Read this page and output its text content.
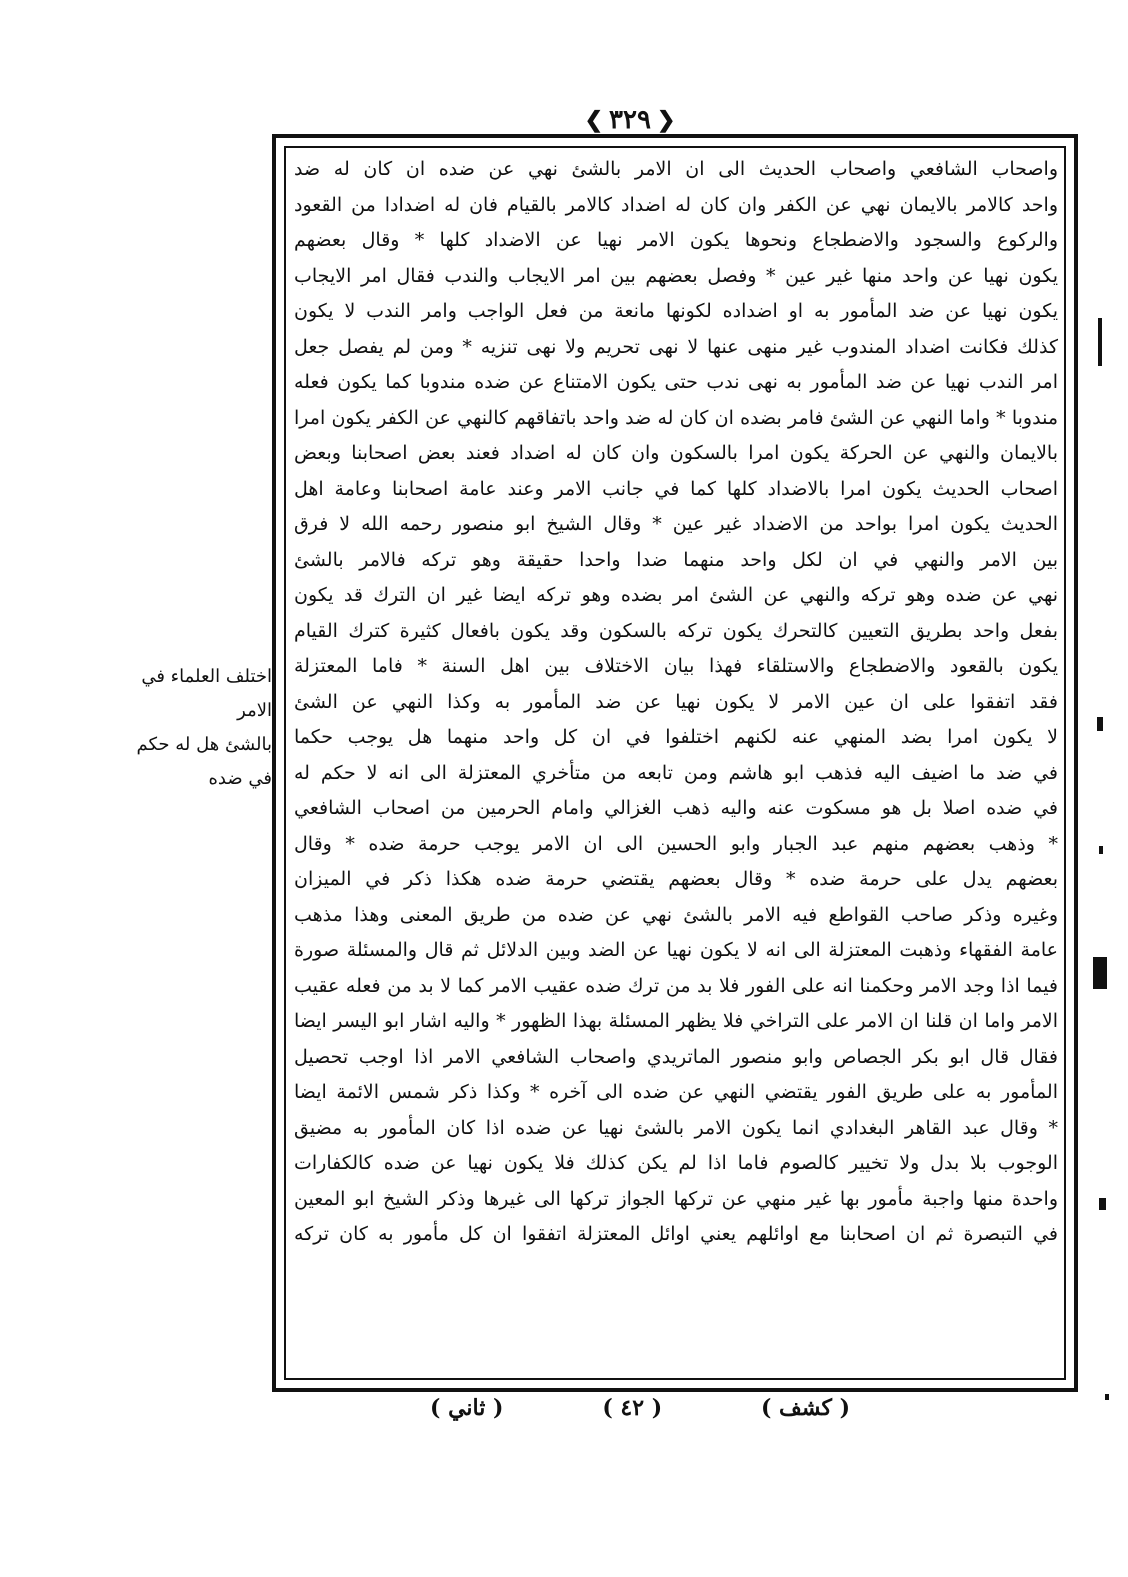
❮ ٣٢٩ ❯
واصحاب الشافعي واصحاب الحديث الى ان الامر بالشئ نهي عن ضده ان كان له ضد
واحد كالامر بالايمان نهي عن الكفر وان كان له اضداد كالامر بالقيام فان له اضدادا من القعود
والركوع والسجود والاضطجاع ونحوها يكون الامر نهيا عن الاضداد كلها * وقال بعضهم
يكون نهيا عن واحد منها غير عين * وفصل بعضهم بين امر الايجاب والندب فقال امر الايجاب
يكون نهيا عن ضد المأمور به او اضداده لكونها مانعة من فعل الواجب وامر الندب لا يكون
كذلك فكانت اضداد المندوب غير منهى عنها لا نهى تحريم ولا نهى تنزيه * ومن لم يفصل جعل
امر الندب نهيا عن ضد المأمور به نهى ندب حتى يكون الامتناع عن ضده مندوبا كما يكون فعله
مندوبا * واما النهي عن الشئ فامر بضده ان كان له ضد واحد باتفاقهم كالنهي عن الكفر يكون امرا
بالايمان والنهي عن الحركة يكون امرا بالسكون وان كان له اضداد فعند بعض اصحابنا وبعض
اصحاب الحديث يكون امرا بالاضداد كلها كما في جانب الامر وعند عامة اصحابنا وعامة اهل
الحديث يكون امرا بواحد من الاضداد غير عين * وقال الشيخ ابو منصور رحمه الله لا فرق
بين الامر والنهي في ان لكل واحد منهما ضدا واحدا حقيقة وهو تركه فالامر بالشئ
نهي عن ضده وهو تركه والنهي عن الشئ امر بضده وهو تركه ايضا غير ان الترك قد يكون
بفعل واحد بطريق التعيين كالتحرك يكون تركه بالسكون وقد يكون بافعال كثيرة كترك القيام
يكون بالقعود والاضطجاع والاستلقاء فهذا بيان الاختلاف بين اهل السنة * فاما المعتزلة
فقد اتفقوا على ان عين الامر لا يكون نهيا عن ضد المأمور به وكذا النهي عن الشئ
لا يكون امرا بضد المنهي عنه لكنهم اختلفوا في ان كل واحد منهما هل يوجب حكما
في ضد ما اضيف اليه فذهب ابو هاشم ومن تابعه من متأخري المعتزلة الى انه لا حكم له
في ضده اصلا بل هو مسكوت عنه واليه ذهب الغزالي وامام الحرمين من اصحاب الشافعي
* وذهب بعضهم منهم عبد الجبار وابو الحسين الى ان الامر يوجب حرمة ضده * وقال
بعضهم يدل على حرمة ضده * وقال بعضهم يقتضي حرمة ضده هكذا ذكر في الميزان
وغيره وذكر صاحب القواطع فيه الامر بالشئ نهي عن ضده من طريق المعنى وهذا مذهب
عامة الفقهاء وذهبت المعتزلة الى انه لا يكون نهيا عن الضد وبين الدلائل ثم قال والمسئلة صورة
فيما اذا وجد الامر وحكمنا انه على الفور فلا بد من ترك ضده عقيب الامر كما لا بد من فعله عقيب
الامر واما ان قلنا ان الامر على التراخي فلا يظهر المسئلة بهذا الظهور * واليه اشار ابو اليسر ايضا
فقال قال ابو بكر الجصاص وابو منصور الماتريدي واصحاب الشافعي الامر اذا اوجب تحصيل
المأمور به على طريق الفور يقتضي النهي عن ضده الى آخره * وكذا ذكر شمس الائمة ايضا
* وقال عبد القاهر البغدادي انما يكون الامر بالشئ نهيا عن ضده اذا كان المأمور به مضيق
الوجوب بلا بدل ولا تخيير كالصوم فاما اذا لم يكن كذلك فلا يكون نهيا عن ضده كالكفارات
واحدة منها واجبة مأمور بها غير منهي عن تركها الجواز تركها الى غيرها وذكر الشيخ ابو المعين
في التبصرة ثم ان اصحابنا مع اوائلهم يعني اوائل المعتزلة اتفقوا ان كل مأمور به كان تركه
اختلف العلماء في الامر
بالشئ هل له حكم
في ضده
( كشف )
( ٤٢ )
( ثاني )
